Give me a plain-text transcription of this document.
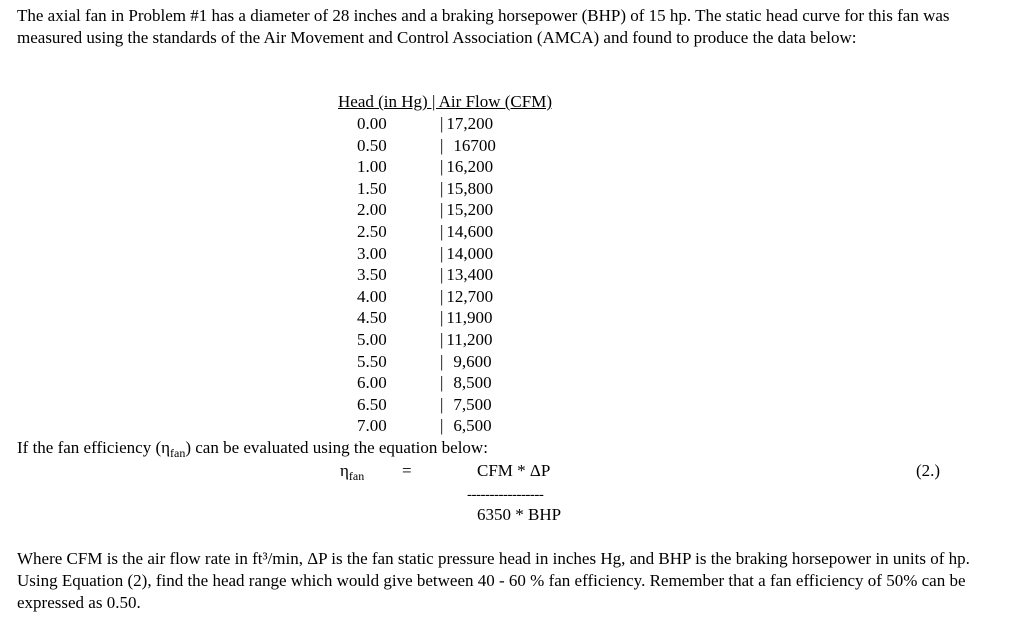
The axial fan in Problem #1 has a diameter of 28 inches and a braking horsepower (BHP) of 15 hp. The static head curve for this fan was measured using the standards of the Air Movement and Control Association (AMCA) and found to produce the data below:

Head (in Hg) | Air Flow (CFM)
0.00	| 17,200
0.50	| 16700
1.00	| 16,200
1.50	| 15,800
2.00	| 15,200
2.50	| 14,600
3.00	| 14,000
3.50	| 13,400
4.00	| 12,700
4.50	| 11,900
5.00	| 11,200
5.50	| 9,600
6.00	| 8,500
6.50	| 7,500
7.00	| 6,500
If the fan efficiency $(\eta_{fan})$ can be evaluated using the equation below:
$\eta_{fan}$ =	CFM * ΔP	(2.)
-----------------
6350 * BHP

Where CFM is the air flow rate in ft³/min, ΔP is the fan static pressure head in inches Hg, and BHP is the braking horsepower in units of hp. Using Equation (2), find the head range which would give between 40 - 60 % fan efficiency. Remember that a fan efficiency of 50% can be expressed as 0.50.
